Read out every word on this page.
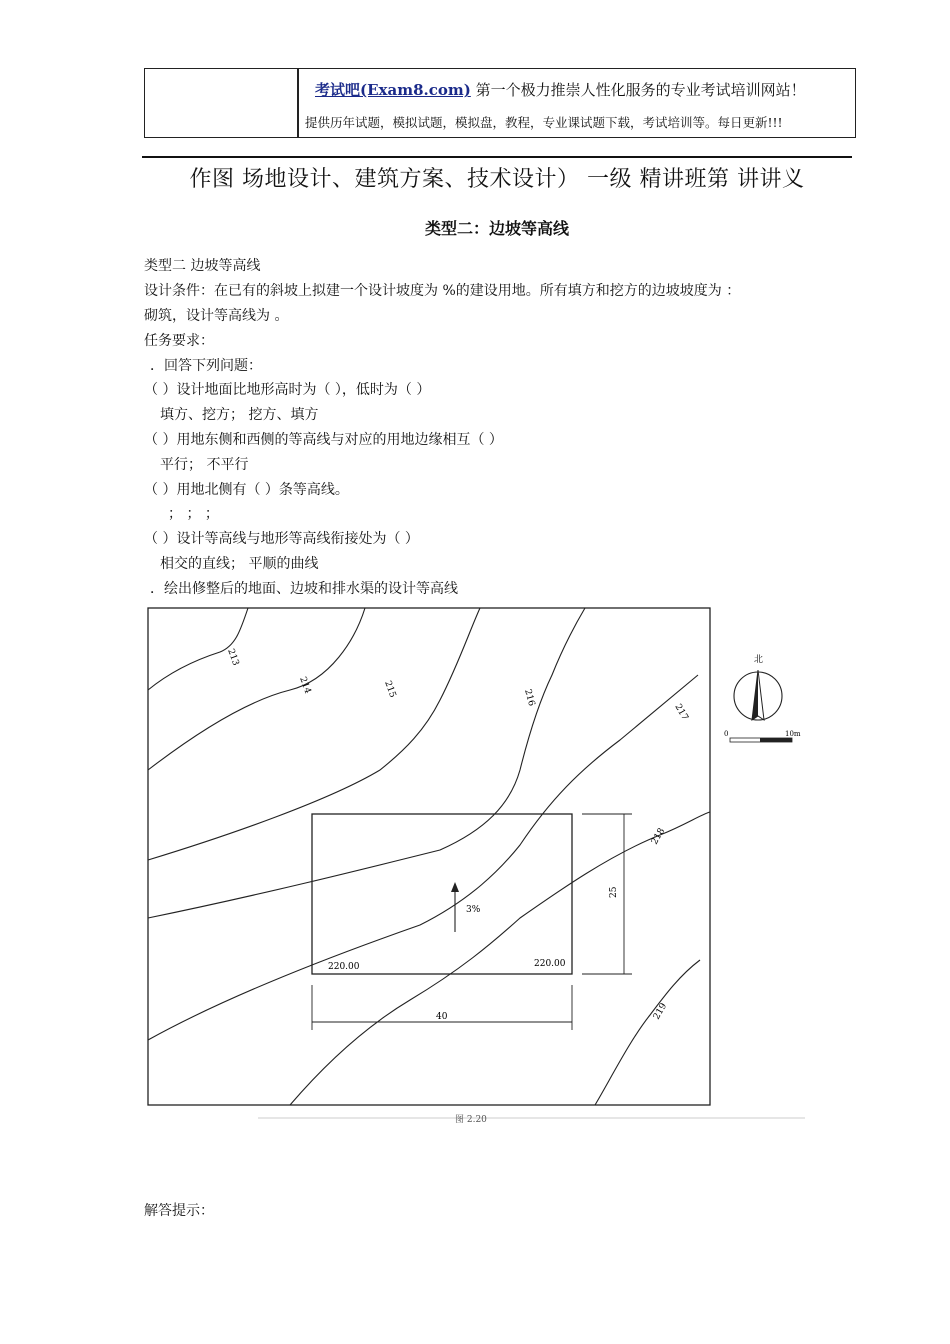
考试吧(Exam8.com) 第一个极力推崇人性化服务的专业考试培训网站！
提供历年试题，模拟试题，模拟盘，教程，专业课试题下载，考试培训等。每日更新!!!
作图 场地设计、建筑方案、技术设计） 一级 精讲班第 讲讲义
类型二：边坡等高线
类型二 边坡等高线
设计条件：在已有的斜坡上拟建一个设计坡度为 %的建设用地。所有填方和挖方的边坡坡度为 ：
砌筑，设计等高线为 。
任务要求：
．回答下列问题：
（ ）设计地面比地形高时为（ ），低时为（ ）
填方、挖方； 挖方、填方
（ ）用地东侧和西侧的等高线与对应的用地边缘相互（ ）
平行； 不平行
（ ）用地北侧有（ ）条等高线。
； ； ；
（ ）设计等高线与地形等高线衔接处为（ ）
相交的直线； 平顺的曲线
．绘出修整后的地面、边坡和排水渠的设计等高线
213
214	215	216
217
218
219
3%
220.00	220.00
40
25
北
0	10m
图 2.20
解答提示：
